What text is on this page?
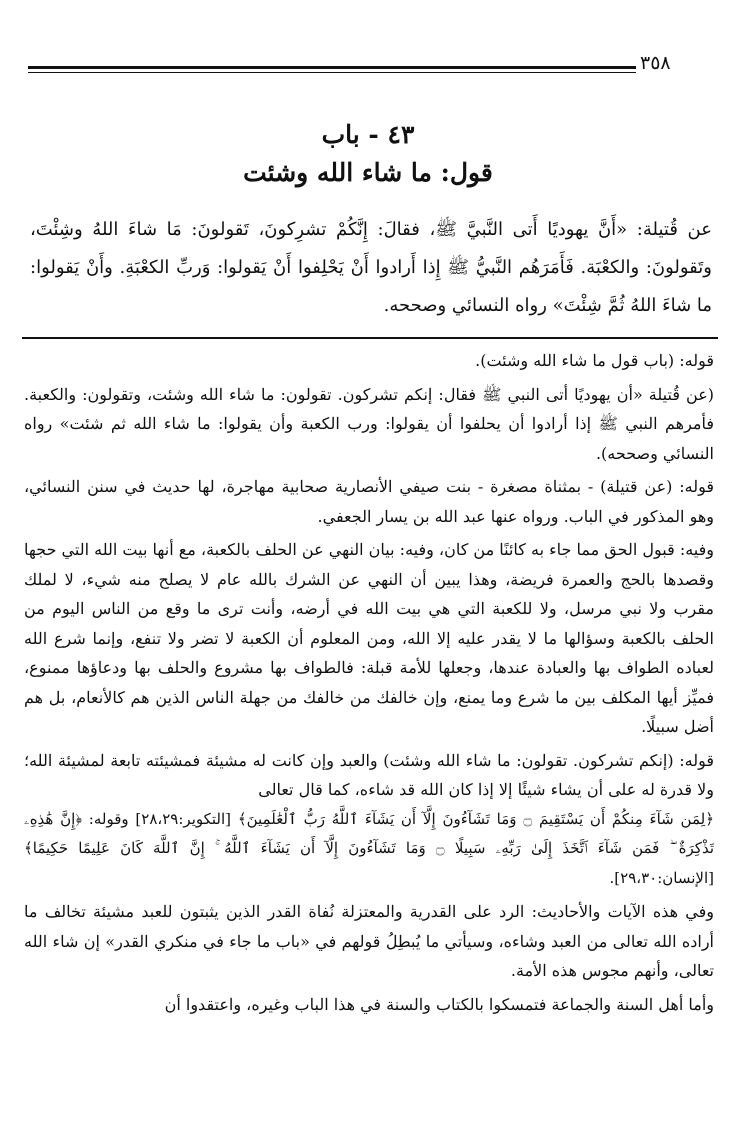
٣٥٨
٤٣ - باب
قول: ما شاء الله وشئت
عن قُتيلة: «أَنَّ يهوديًا أَتى النَّبيَّ ﷺ، فقالَ: إِنَّكُمْ تشرِكونَ، تَقولونَ: مَا شاءَ اللهُ وشِئْتَ، وتَقولونَ: والكعْبَة. فَأَمَرَهُم النَّبيُّ ﷺ إِذا أَرادوا أَنْ يَحْلِفوا أَنْ يَقولوا: وَربِّ الكعْبَةِ. وأَنْ يَقولوا: ما شاءَ اللهُ ثُمَّ شِئْتَ» رواه النسائي وصححه.

قوله: (باب قول ما شاء الله وشئت).

(عن قُتيلة «أن يهوديًا أتى النبي ﷺ فقال: إنكم تشركون. تقولون: ما شاء الله وشئت، وتقولون: والكعبة. فأمرهم النبي ﷺ إذا أرادوا أن يحلفوا أن يقولوا: ورب الكعبة وأن يقولوا: ما شاء الله ثم شئت» رواه النسائي وصححه).

قوله: (عن قتيلة) - بمثناة مصغرة - بنت صيفي الأنصارية صحابية مهاجرة، لها حديث في سنن النسائي، وهو المذكور في الباب. ورواه عنها عبد الله بن يسار الجعفي.

وفيه: قبول الحق مما جاء به كائنًا من كان، وفيه: بيان النهي عن الحلف بالكعبة، مع أنها بيت الله التي حجها وقصدها بالحج والعمرة فريضة، وهذا يبين أن النهي عن الشرك بالله عام لا يصلح منه شيء، لا لملك مقرب ولا نبي مرسل، ولا للكعبة التي هي بيت الله في أرضه، وأنت ترى ما وقع من الناس اليوم من الحلف بالكعبة وسؤالها ما لا يقدر عليه إلا الله، ومن المعلوم أن الكعبة لا تضر ولا تنفع، وإنما شرع الله لعباده الطواف بها والعبادة عندها، وجعلها للأمة قبلة: فالطواف بها مشروع والحلف بها ودعاؤها ممنوع، فميِّز أيها المكلف بين ما شرع وما يمنع، وإن خالفك من خالفك من جهلة الناس الذين هم كالأنعام، بل هم أضل سبيلًا.

قوله: (إنكم تشركون. تقولون: ما شاء الله وشئت) والعبد وإن كانت له مشيئة فمشيئته تابعة لمشيئة الله؛ ولا قدرة له على أن يشاء شيئًا إلا إذا كان الله قد شاءه، كما قال تعالى

﴿لِمَن شَآءَ مِنكُمْ أَن يَسْتَقِيمَ ۝ وَمَا تَشَآءُونَ إِلَّآ أَن يَشَآءَ ٱللَّهُ رَبُّ ٱلْعَٰلَمِينَ﴾ [التكوير:٢٨،٢٩] وقوله: ﴿إِنَّ هَٰذِهِۦ تَذْكِرَةٌ ۖ فَمَن شَآءَ ٱتَّخَذَ إِلَىٰ رَبِّهِۦ سَبِيلًا ۝ وَمَا تَشَآءُونَ إِلَّآ أَن يَشَآءَ ٱللَّهُ ۚ إِنَّ ٱللَّهَ كَانَ عَلِيمًا حَكِيمًا﴾ [الإنسان:٢٩،٣٠].

وفي هذه الآيات والأحاديث: الرد على القدرية والمعتزلة نُفاة القدر الذين يثبتون للعبد مشيئة تخالف ما أراده الله تعالى من العبد وشاءه، وسيأتي ما يُبطِلُ قولهم في «باب ما جاء في منكري القدر» إن شاء الله تعالى، وأنهم مجوس هذه الأمة.

وأما أهل السنة والجماعة فتمسكوا بالكتاب والسنة في هذا الباب وغيره، واعتقدوا أن
